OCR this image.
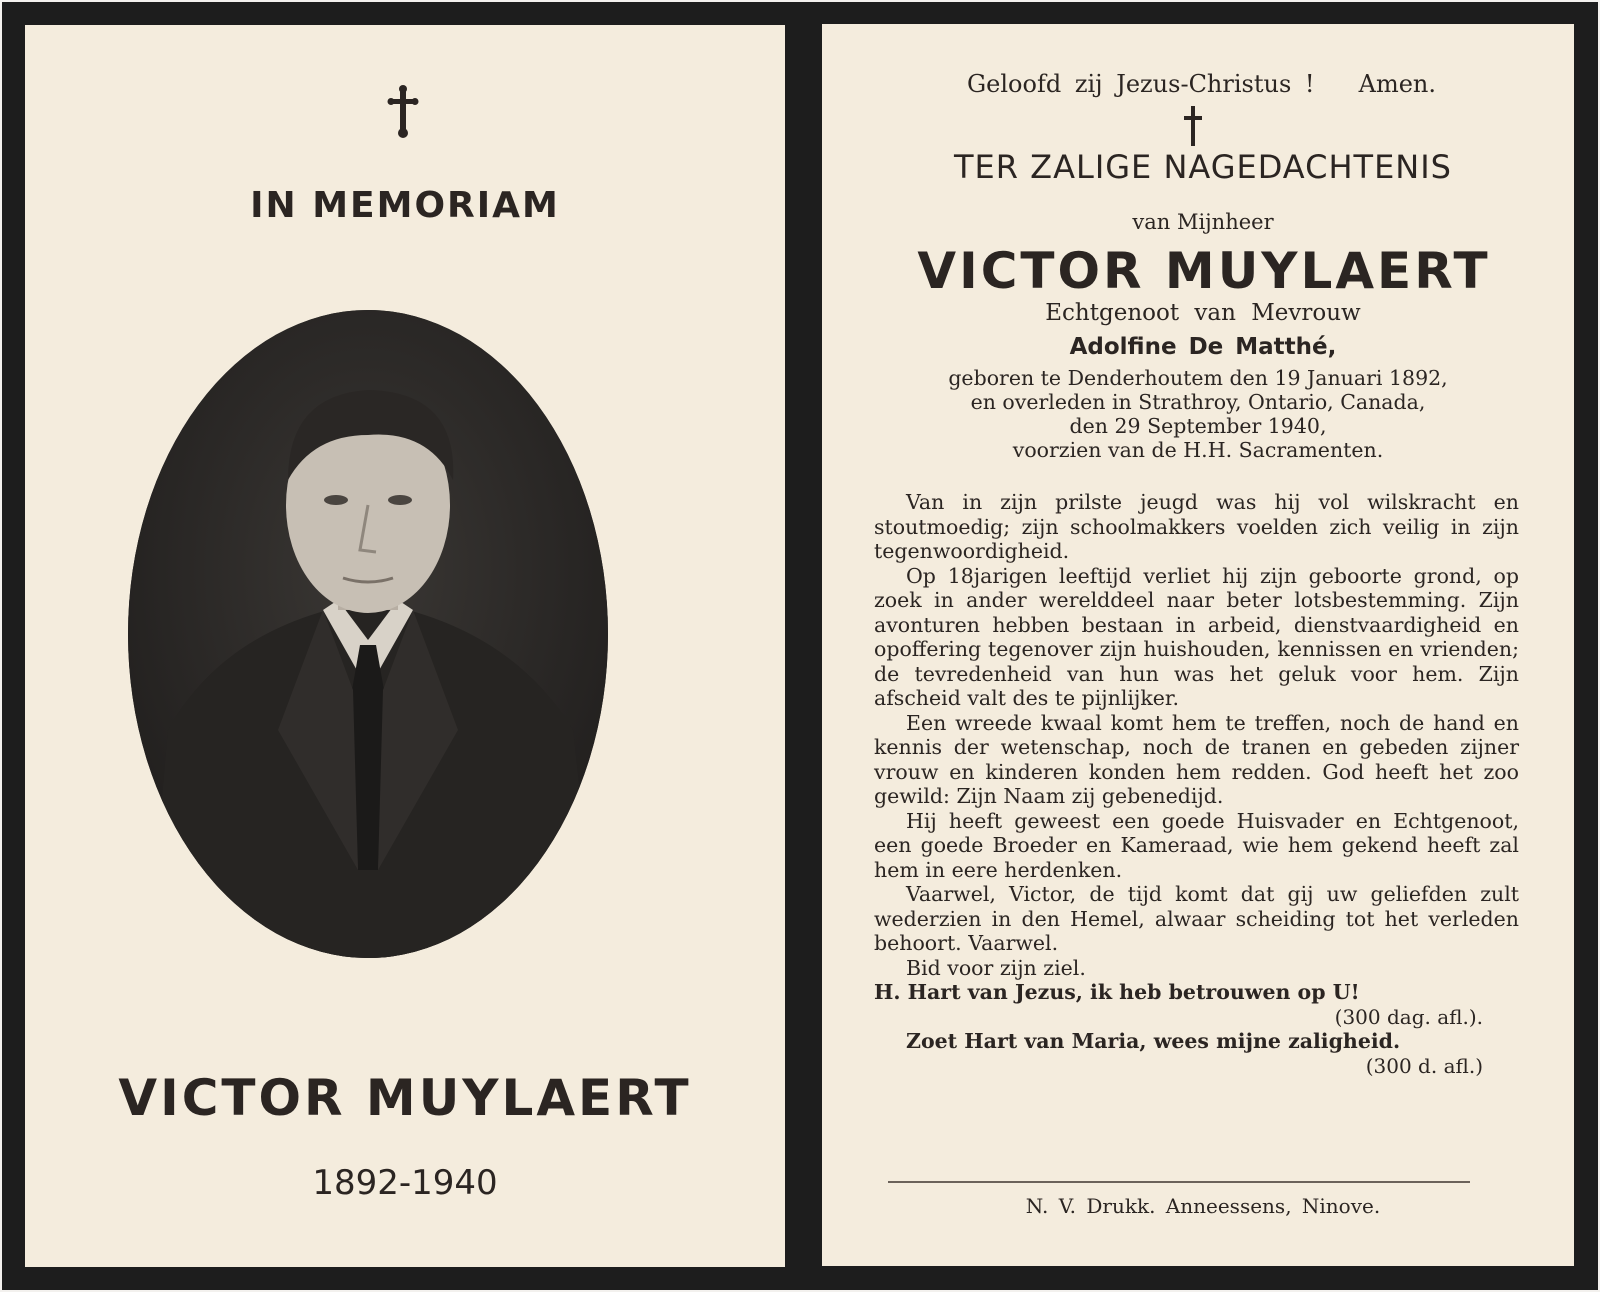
IN MEMORIAM
VICTOR MUYLAERT
1892-1940
Geloofd zij Jezus-Christus ! Amen.
TER ZALIGE NAGEDACHTENIS
van Mijnheer
VICTOR MUYLAERT
Echtgenoot van Mevrouw
Adolfine De Matthé,
geboren te Denderhoutem den 19 Januari 1892,
en overleden in Strathroy, Ontario, Canada,
den 29 September 1940,
voorzien van de H.H. Sacramenten.

Van in zijn prilste jeugd was hij vol wilskracht en stoutmoedig; zijn schoolmakkers voelden zich veilig in zijn tegenwoordigheid.

Op 18jarigen leeftijd verliet hij zijn geboorte grond, op zoek in ander werelddeel naar beter lotsbestemming. Zijn avonturen hebben bestaan in arbeid, dienstvaardigheid en opoffering tegenover zijn huishouden, kennissen en vrienden; de tevredenheid van hun was het geluk voor hem. Zijn afscheid valt des te pijnlijker.

Een wreede kwaal komt hem te treffen, noch de hand en kennis der wetenschap, noch de tranen en gebeden zijner vrouw en kinderen konden hem redden. God heeft het zoo gewild: Zijn Naam zij gebenedijd.

Hij heeft geweest een goede Huisvader en Echtgenoot, een goede Broeder en Kameraad, wie hem gekend heeft zal hem in eere herdenken.

Vaarwel, Victor, de tijd komt dat gij uw geliefden zult wederzien in den Hemel, alwaar scheiding tot het verleden behoort. Vaarwel.

Bid voor zijn ziel.

H. Hart van Jezus, ik heb betrouwen op U!
(300 dag. afl.).
Zoet Hart van Maria, wees mijne zaligheid.
(300 d. afl.)
N. V. Drukk. Anneessens, Ninove.
